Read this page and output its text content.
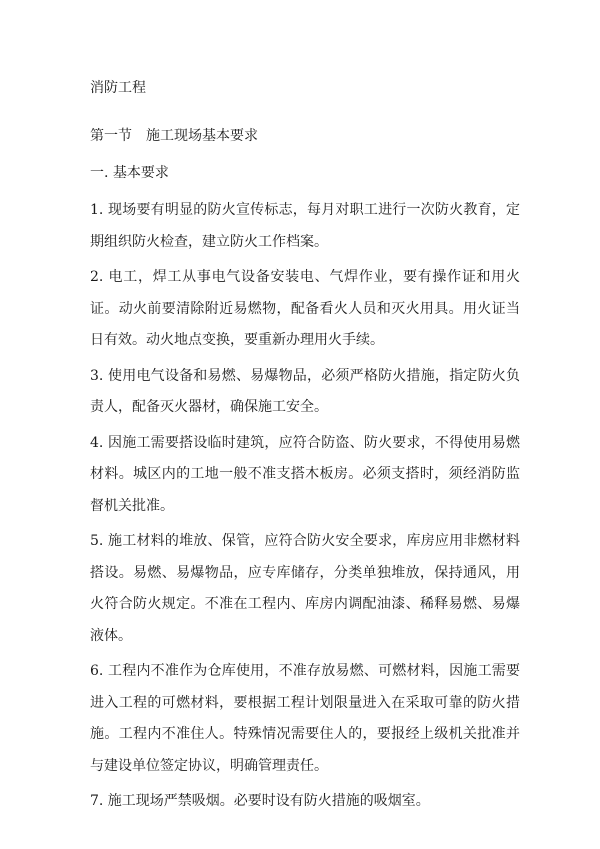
消防工程
第一节　施工现场基本要求
一. 基本要求
1. 现场要有明显的防火宣传标志，每月对职工进行一次防火教育，定期组织防火检查，建立防火工作档案。
2. 电工，焊工从事电气设备安装电、气焊作业，要有操作证和用火证。动火前要清除附近易燃物，配备看火人员和灭火用具。用火证当日有效。动火地点变换，要重新办理用火手续。
3. 使用电气设备和易燃、易爆物品，必须严格防火措施，指定防火负责人，配备灭火器材，确保施工安全。
4. 因施工需要搭设临时建筑，应符合防盗、防火要求，不得使用易燃材料。城区内的工地一般不准支搭木板房。必须支搭时，须经消防监督机关批准。
5. 施工材料的堆放、保管，应符合防火安全要求，库房应用非燃材料搭设。易燃、易爆物品，应专库储存，分类单独堆放，保持通风，用火符合防火规定。不准在工程内、库房内调配油漆、稀释易燃、易爆液体。
6. 工程内不准作为仓库使用，不准存放易燃、可燃材料，因施工需要进入工程的可燃材料，要根据工程计划限量进入在采取可靠的防火措施。工程内不准住人。特殊情况需要住人的，要报经上级机关批准并与建设单位签定协议，明确管理责任。
7. 施工现场严禁吸烟。必要时设有防火措施的吸烟室。
